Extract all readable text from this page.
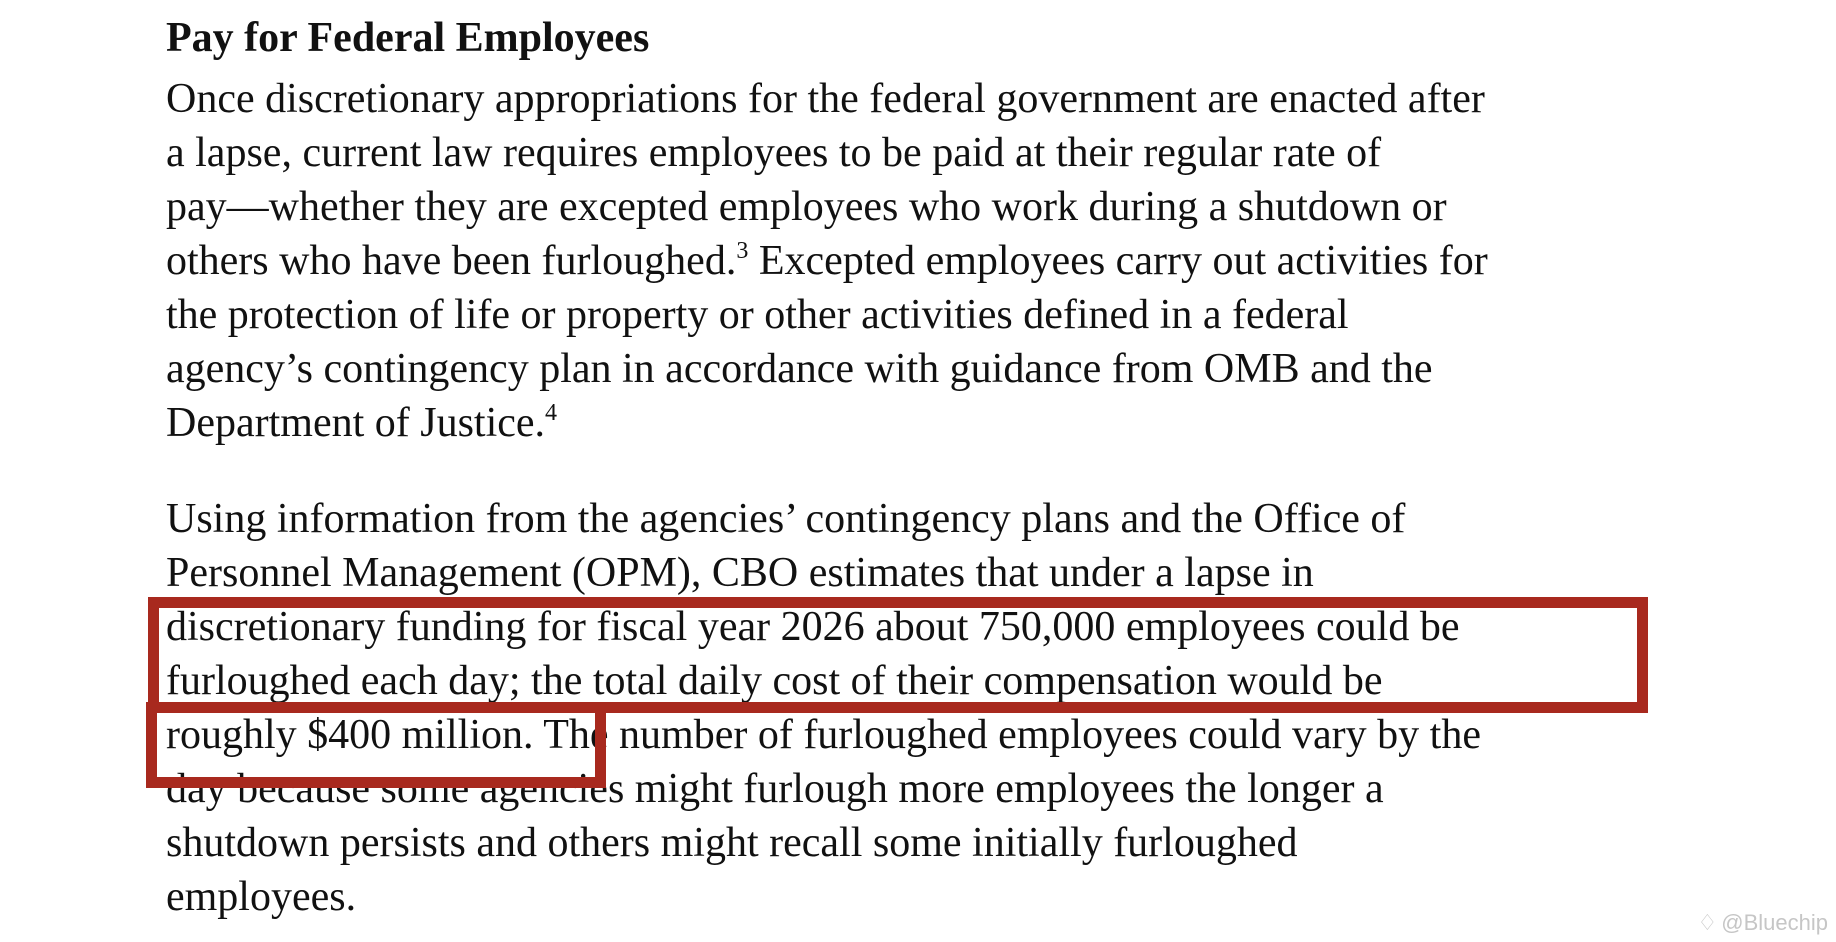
Pay for Federal Employees

Once discretionary appropriations for the federal government are enacted after
a lapse, current law requires employees to be paid at their regular rate of
pay—whether they are excepted employees who work during a shutdown or
others who have been furloughed.$^3$ Excepted employees carry out activities for
the protection of life or property or other activities defined in a federal
agency’s contingency plan in accordance with guidance from OMB and the
Department of Justice.$^4$

Using information from the agencies’ contingency plans and the Office of
Personnel Management (OPM), CBO estimates that under a lapse in
discretionary funding for fiscal year 2026 about 750,000 employees could be
furloughed each day; the total daily cost of their compensation would be
roughly $400 million. The number of furloughed employees could vary by the
day because some agencies might furlough more employees the longer a
shutdown persists and others might recall some initially furloughed
employees.

♢ @Bluechip
